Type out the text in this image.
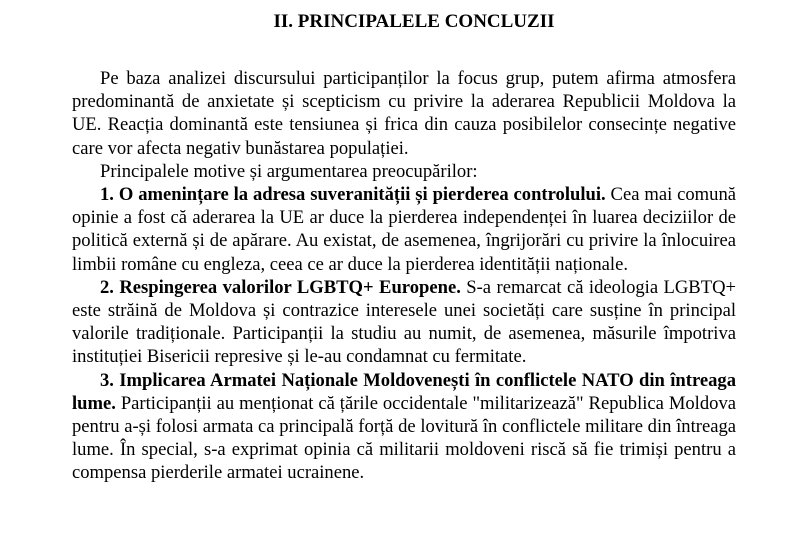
II. PRINCIPALELE CONCLUZII

Pe baza analizei discursului participanților la focus grup, putem afirma atmosfera predominantă de anxietate și scepticism cu privire la aderarea Republicii Moldova la UE. Reacția dominantă este tensiunea și frica din cauza posibilelor consecințe negative care vor afecta negativ bunăstarea populației.

Principalele motive și argumentarea preocupărilor:

1. O amenințare la adresa suveranității și pierderea controlului. Cea mai comună opinie a fost că aderarea la UE ar duce la pierderea independenței în luarea deciziilor de politică externă și de apărare. Au existat, de asemenea, îngrijorări cu privire la înlocuirea limbii române cu engleza, ceea ce ar duce la pierderea identității naționale.

2. Respingerea valorilor LGBTQ+ Europene. S-a remarcat că ideologia LGBTQ+ este străină de Moldova și contrazice interesele unei societăți care susține în principal valorile tradiționale. Participanții la studiu au numit, de asemenea, măsurile împotriva instituției Bisericii represive și le-au condamnat cu fermitate.

3. Implicarea Armatei Naționale Moldovenești în conflictele NATO din întreaga lume. Participanții au menționat că țările occidentale "militarizează" Republica Moldova pentru a-și folosi armata ca principală forță de lovitură în conflictele militare din întreaga lume. În special, s-a exprimat opinia că militarii moldoveni riscă să fie trimiși pentru a compensa pierderile armatei ucrainene.
